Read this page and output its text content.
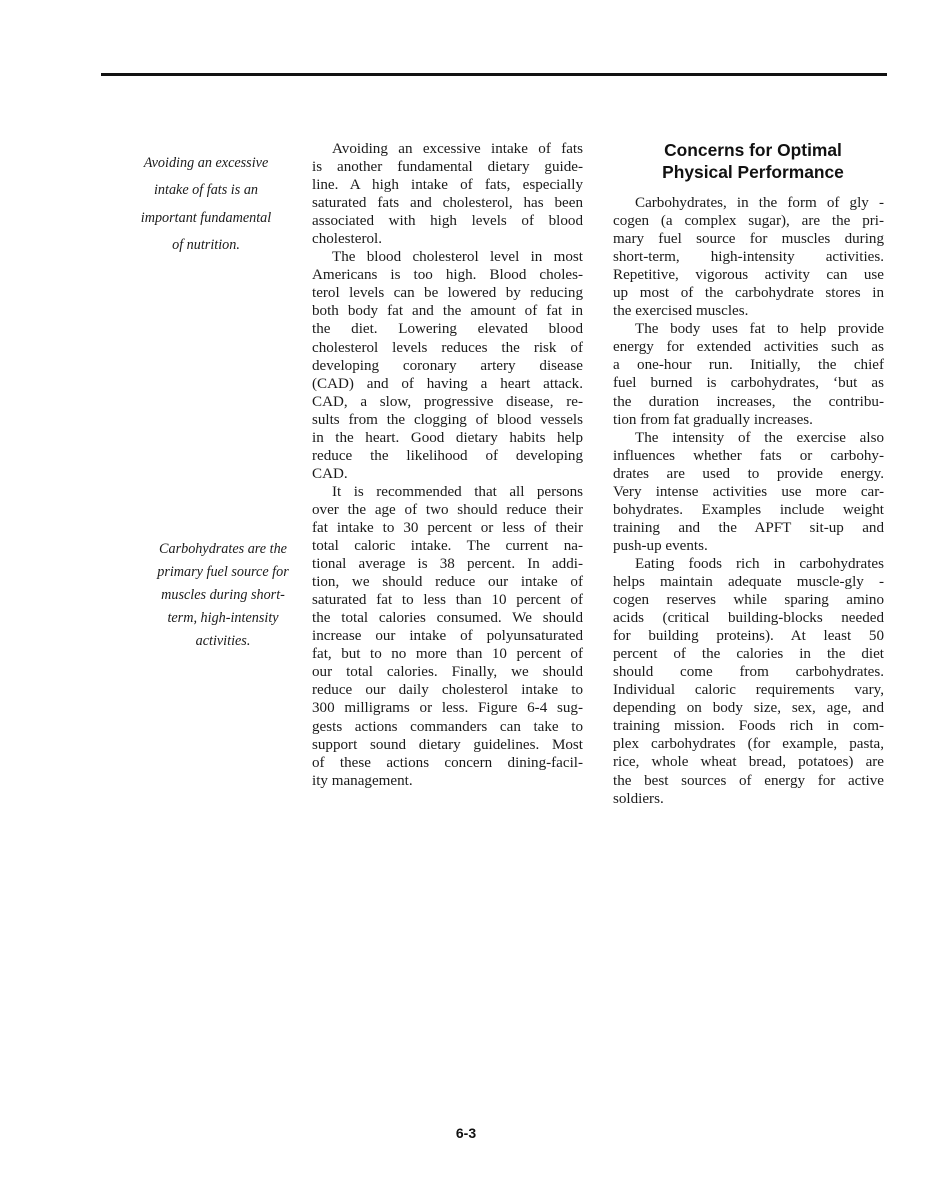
Avoiding an excessive
intake of fats is an
important fundamental
of nutrition.
Carbohydrates are the
primary fuel source for
muscles during short-
term, high-intensity
activities.
Avoiding an excessive intake of fats
is another fundamental dietary guide-
line. A high intake of fats, especially
saturated fats and cholesterol, has been
associated with high levels of blood
cholesterol.
The blood cholesterol level in most
Americans is too high. Blood choles-
terol levels can be lowered by reducing
both body fat and the amount of fat in
the diet. Lowering elevated blood
cholesterol levels reduces the risk of
developing coronary artery disease
(CAD) and of having a heart attack.
CAD, a slow, progressive disease, re-
sults from the clogging of blood vessels
in the heart. Good dietary habits help
reduce the likelihood of developing
CAD.
It is recommended that all persons
over the age of two should reduce their
fat intake to 30 percent or less of their
total caloric intake. The current na-
tional average is 38 percent. In addi-
tion, we should reduce our intake of
saturated fat to less than 10 percent of
the total calories consumed. We should
increase our intake of polyunsaturated
fat, but to no more than 10 percent of
our total calories. Finally, we should
reduce our daily cholesterol intake to
300 milligrams or less. Figure 6-4 sug-
gests actions commanders can take to
support sound dietary guidelines. Most
of these actions concern dining-facil-
ity management.
Concerns for Optimal
Physical Performance
Carbohydrates, in the form of gly -
cogen (a complex sugar), are the pri-
mary fuel source for muscles during
short-term, high-intensity activities.
Repetitive, vigorous activity can use
up most of the carbohydrate stores in
the exercised muscles.
The body uses fat to help provide
energy for extended activities such as
a one-hour run. Initially, the chief
fuel burned is carbohydrates, ‘but as
the duration increases, the contribu-
tion from fat gradually increases.
The intensity of the exercise also
influences whether fats or carbohy-
drates are used to provide energy.
Very intense activities use more car-
bohydrates. Examples include weight
training and the APFT sit-up and
push-up events.
Eating foods rich in carbohydrates
helps maintain adequate muscle-gly -
cogen reserves while sparing amino
acids (critical building-blocks needed
for building proteins). At least 50
percent of the calories in the diet
should come from carbohydrates.
Individual caloric requirements vary,
depending on body size, sex, age, and
training mission. Foods rich in com-
plex carbohydrates (for example, pasta,
rice, whole wheat bread, potatoes) are
the best sources of energy for active
soldiers.
6-3
